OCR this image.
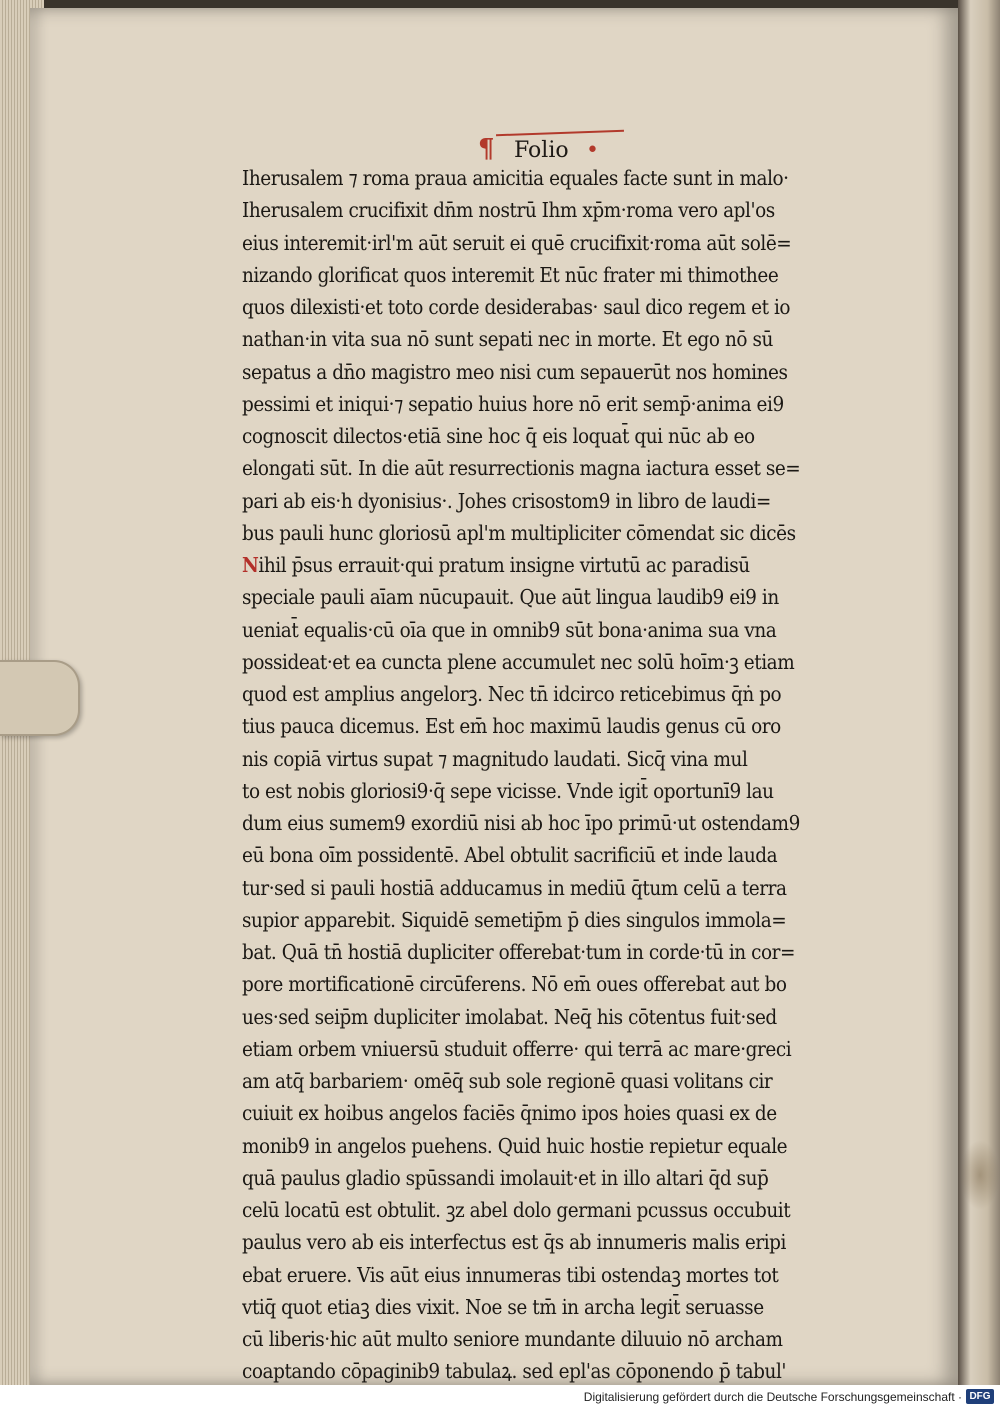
¶ Folio •
Iherusalem ⁊ roma praua amicitia equales facte sunt in malo·
Iherusalem crucifixit dn̄m nostrū Ihm xp̄m·roma vero apl'os
eius interemit·irl'm aūt seruit ei quē crucifixit·roma aūt solē=
nizando glorificat quos interemit Et nūc frater mi thimothee
quos dilexisti·et toto corde desiderabas· saul dico regem et io
nathan·in vita sua nō sunt sepati nec in morte. Et ego nō sū
sepatus a dn̄o magistro meo nisi cum sepauerūt nos homines
pessimi et iniqui·⁊ sepatio huius hore nō erit semp̄·anima ei9
cognoscit dilectos·etiā sine hoc q̄ eis loquat̄ qui nūc ab eo
elongati sūt. In die aūt resurrectionis magna iactura esset se=
pari ab eis·h dyonisius·. Johes crisostom9 in libro de laudi=
bus pauli hunc gloriosū apl'm multipliciter cōmendat sic dicēs
Nihil p̄sus errauit·qui pratum insigne virtutū ac paradisū
speciale pauli aīam nūcupauit. Que aūt lingua laudib9 ei9 in
ueniat̄ equalis·cū oīa que in omnib9 sūt bona·anima sua vna
possideat·et ea cuncta plene accumulet nec solū hoīm·ꝫ etiam
quod est amplius angelorꝫ. Nec tn̄ idcirco reticebimus q̄ṅ po
tius pauca dicemus. Est em̄ hoc maximū laudis genus cū oro
nis copiā virtus supat ⁊ magnitudo laudati. Sicq̄ vina mul
to est nobis gloriosi9·q̄ sepe vicisse. Vnde igit̄ oportunī9 lau
dum eius sumem9 exordiū nisi ab hoc īpo primū·ut ostendam9
eū bona oīm possidentē. Abel obtulit sacrificiū et inde lauda
tur·sed si pauli hostiā adducamus in mediū q̄tum celū a terra
supior apparebit. Siquidē semetip̄m p̄ dies singulos immola=
bat. Quā tn̄ hostiā dupliciter offerebat·tum in corde·tū in cor=
pore mortificationē circūferens. Nō em̄ oues offerebat aut bo
ues·sed seip̄m dupliciter imolabat. Neq̄ his cōtentus fuit·sed
etiam orbem vniuersū studuit offerre· qui terrā ac mare·greci
am atq̄ barbariem· omēq̄ sub sole regionē quasi volitans cir
cuiuit ex hoibus angelos faciēs q̄nimo ipos hoies quasi ex de
monib9 in angelos puehens. Quid huic hostie repietur equale
quā paulus gladio spūssandi imolauit·et in illo altari q̄d sup̄
celū locatū est obtulit. ꝫz abel dolo germani pcussus occubuit
paulus vero ab eis interfectus est q̄s ab innumeris malis eripi
ebat eruere. Vis aūt eius innumeras tibi ostendaꝫ mortes tot
vtiq̄ quot etiaꝫ dies vixit. Noe se tm̄ in archa legit̄ seruasse
cū liberis·hic aūt multo seniore mundante diluuio nō archam
coaptando cōpaginib9 tabulaꝝ. sed epl'as cōponendo p̄ tabul'
Digitalisierung gefördert durch die Deutsche Forschungsgemeinschaft · DFG
